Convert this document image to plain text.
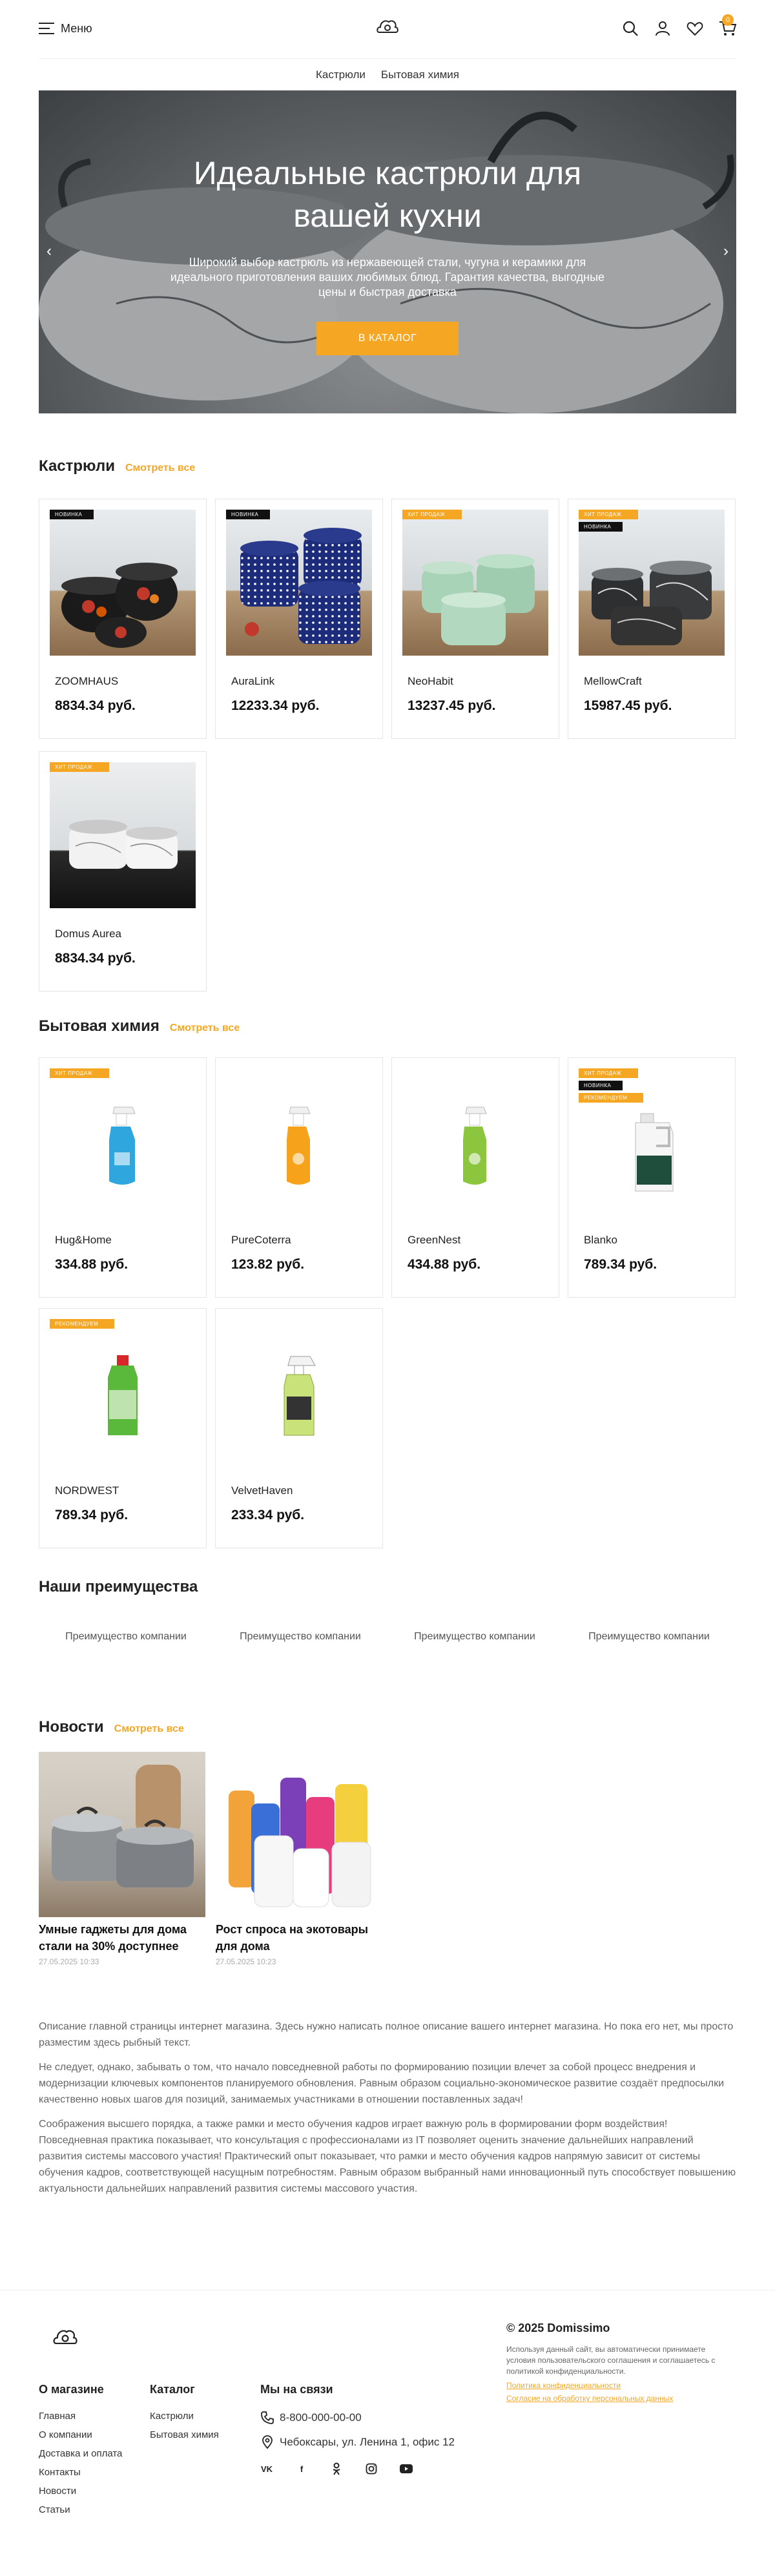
Меню
0
Кастрюли Бытовая химия
Идеальные кастрюли для
вашей кухни

Широкий выбор кастрюль из нержавеющей стали, чугуна и керамики для идеального приготовления ваших любимых блюд. Гарантия качества, выгодные цены и быстрая доставка

В КАТАЛОГ
‹	›
Кастрюли Смотреть все
НОВИНКА
ZOOMHAUS
8834.34 руб.
НОВИНКА
AuraLink
12233.34 руб.
ХИТ ПРОДАЖ
NeoHabit
13237.45 руб.
ХИТ ПРОДАЖ
НОВИНКА
MellowCraft
15987.45 руб.
ХИТ ПРОДАЖ
Domus Aurea
8834.34 руб.
Бытовая химия Смотреть все
ХИТ ПРОДАЖ
Hug&Home
334.88 руб.
PureCoterra
123.82 руб.
GreenNest
434.88 руб.
ХИТ ПРОДАЖ
НОВИНКА
РЕКОМЕНДУЕМ
Blanko
789.34 руб.
РЕКОМЕНДУЕМ
NORDWEST
789.34 руб.
VelvetHaven
233.34 руб.
Наши преимущества
Преимущество компании	Преимущество компании	Преимущество компании	Преимущество компании
Новости Смотреть все
Умные гаджеты для дома стали на 30% доступнее
27.05.2025 10:33
Рост спроса на экотовары для дома
27.05.2025 10:23

Описание главной страницы интернет магазина. Здесь нужно написать полное описание вашего интернет магазина. Но пока его нет, мы просто разместим здесь рыбный текст.

Не следует, однако, забывать о том, что начало повседневной работы по формированию позиции влечет за собой процесс внедрения и модернизации ключевых компонентов планируемого обновления. Равным образом социально-экономическое развитие создаёт предпосылки качественно новых шагов для позиций, занимаемых участниками в отношении поставленных задач!

Соображения высшего порядка, а также рамки и место обучения кадров играет важную роль в формировании форм воздействия! Повседневная практика показывает, что консультация с профессионалами из IT позволяет оценить значение дальнейших направлений развития системы массового участия! Практический опыт показывает, что рамки и место обучения кадров напрямую зависит от системы обучения кадров, соответствующей насущным потребностям. Равным образом выбранный нами инновационный путь способствует повышению актуальности дальнейших направлений развития системы массового участия.

О магазине
Главная
О компании
Доставка и оплата
Контакты
Новости
Статьи
Каталог
Кастрюли
Бытовая химия
Мы на связи
8-800-000-00-00
Чебоксары, ул. Ленина 1, офис 12
VK	f
© 2025 Domissimo
Используя данный сайт, вы автоматически принимаете условия пользовательского соглашения и соглашаетесь с политикой конфиденциальности.
Политика конфиденциальности
Согласие на обработку персональных данных
